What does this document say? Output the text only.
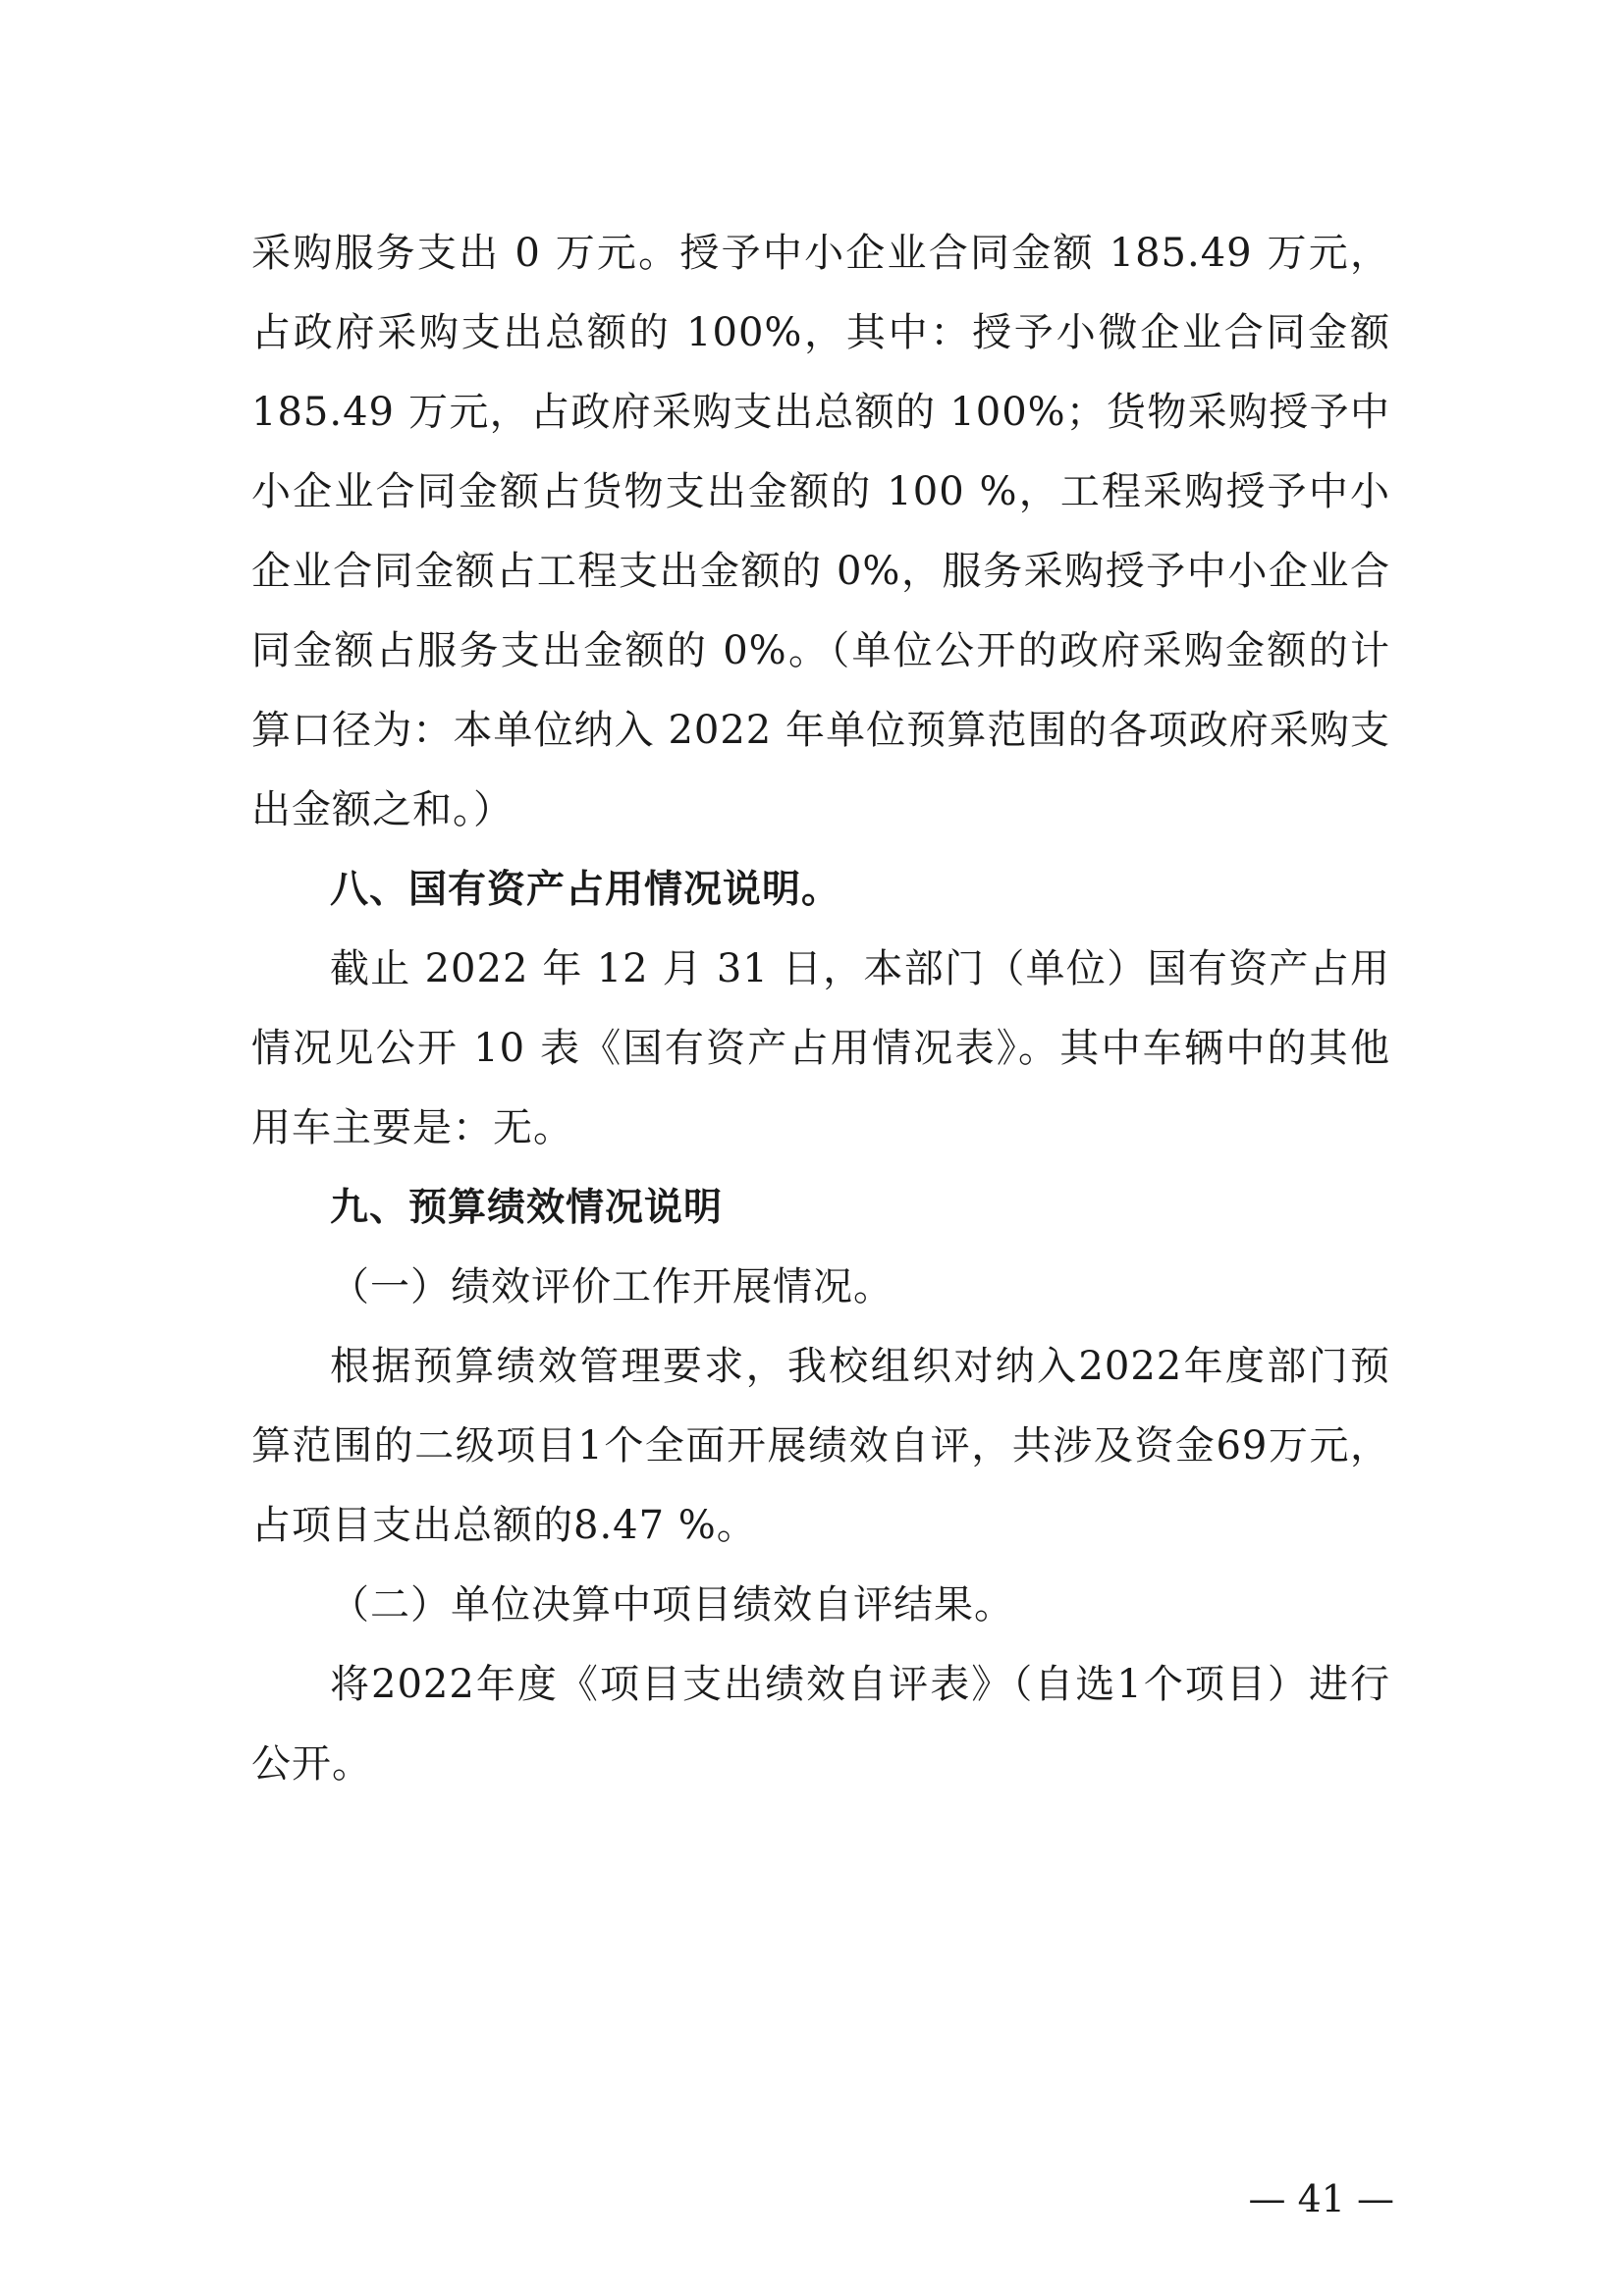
采购服务支出 0 万元。授予中小企业合同金额 185.49 万元，占政府采购支出总额的 100%，其中：授予小微企业合同金额 185.49 万元，占政府采购支出总额的 100%；货物采购授予中小企业合同金额占货物支出金额的 100 %，工程采购授予中小企业合同金额占工程支出金额的 0%，服务采购授予中小企业合同金额占服务支出金额的 0%。（单位公开的政府采购金额的计算口径为：本单位纳入 2022 年单位预算范围的各项政府采购支出金额之和。）

八、国有资产占用情况说明。

截止 2022 年 12 月 31 日，本部门（单位）国有资产占用情况见公开 10 表《国有资产占用情况表》。其中车辆中的其他用车主要是：无。

九、预算绩效情况说明

（一）绩效评价工作开展情况。

根据预算绩效管理要求，我校组织对纳入2022年度部门预算范围的二级项目1个全面开展绩效自评，共涉及资金69万元，占项目支出总额的8.47 %。

（二）单位决算中项目绩效自评结果。

将2022年度《项目支出绩效自评表》（自选1个项目）进行公开。

— 41 —
